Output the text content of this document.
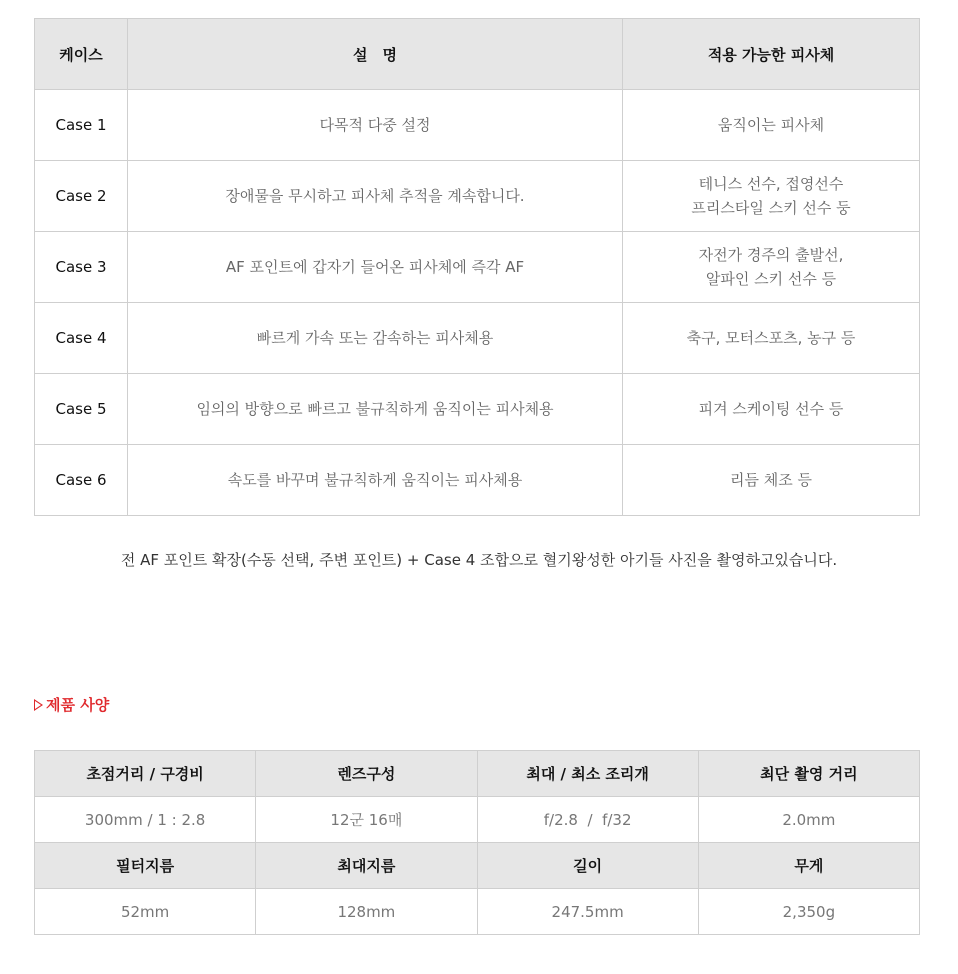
케이스	설　명	적용 가능한 피사체
Case 1	다목적 다중 설정	움직이는 피사체

Case 2	장애물을 무시하고 피사체 추적을 계속합니다.	테니스 선수, 접영선수
프리스타일 스키 선수 둥

Case 3	AF 포인트에 갑자기 들어온 피사체에 즉각 AF	자전가 경주의 출발선,
알파인 스키 선수 등

Case 4	빠르게 가속 또는 감속하는 피사체용	축구, 모터스포츠, 농구 등

Case 5	임의의 방향으로 빠르고 불규칙하게 움직이는 피사체용	피겨 스케이팅 선수 등

Case 6	속도를 바꾸며 불규칙하게 움직이는 피사체용	리듬 체조 등
전 AF 포인트 확장(수동 선택, 주변 포인트) + Case 4 조합으로 혈기왕성한 아기들 사진을 촬영하고있습니다.
제품 사양
초점거리 / 구경비	렌즈구성	최대 / 최소 조리개	최단 촬영 거리
300mm / 1 : 2.8	12군 16매	f/2.8  /  f/32	2.0mm
필터지름	최대지름	길이	무게
52mm	128mm	247.5mm	2,350g
